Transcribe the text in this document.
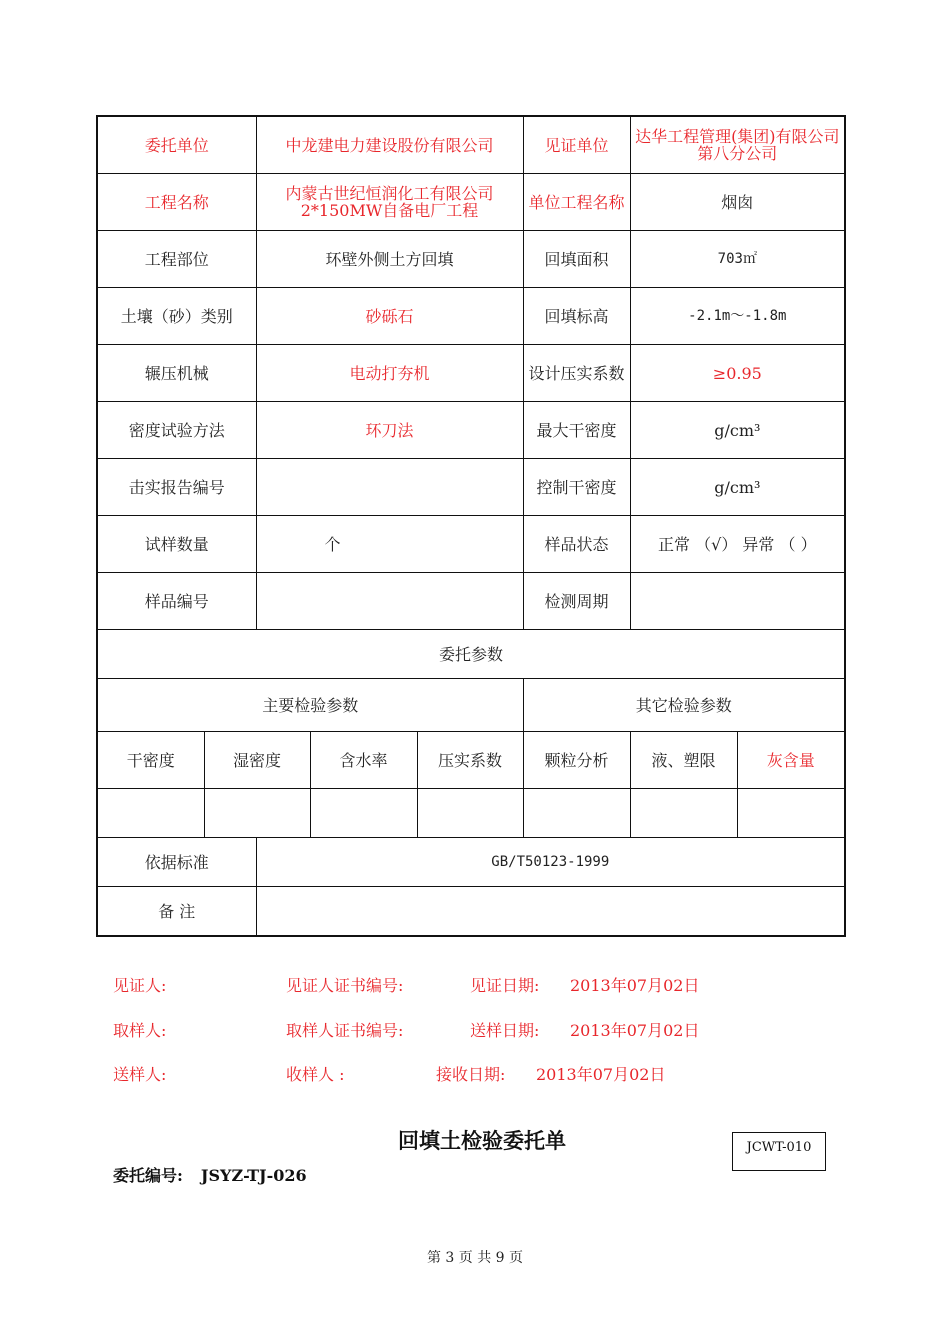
委托单位		中龙建电力建设股份有限公司			见证单位	达华工程管理(集团)有限公司第八分公司	
工程名称		内蒙古世纪恒润化工有限公司2*150MW自备电厂工程			单位工程名称	烟囱	
工程部位		环壁外侧土方回填			回填面积	703㎡	
土壤（砂）类别		砂砾石			回填标高	-2.1m～-1.8m	
辗压机械		电动打夯机			设计压实系数	≥0.95	
密度试验方法		环刀法			最大干密度	g/cm³	
击实报告编号					控制干密度	g/cm³	
试样数量		个			样品状态	正常 （√） 异常 （ ）	
样品编号					检测周期		
委托参数							
主要检验参数					其它检验参数		
干密度	湿密度		含水率	压实系数	颗粒分析	液、塑限	灰含量

依据标准		GB/T50123-1999					
备 注							
见证人:	见证人证书编号:	见证日期: 2013年07月02日
取样人:	取样人证书编号:	送样日期: 2013年07月02日
送样人:	收样人 :	接收日期: 2013年07月02日
回填土检验委托单	JCWT-010
委托编号: JSYZ-TJ-026
第 3 页 共 9 页
